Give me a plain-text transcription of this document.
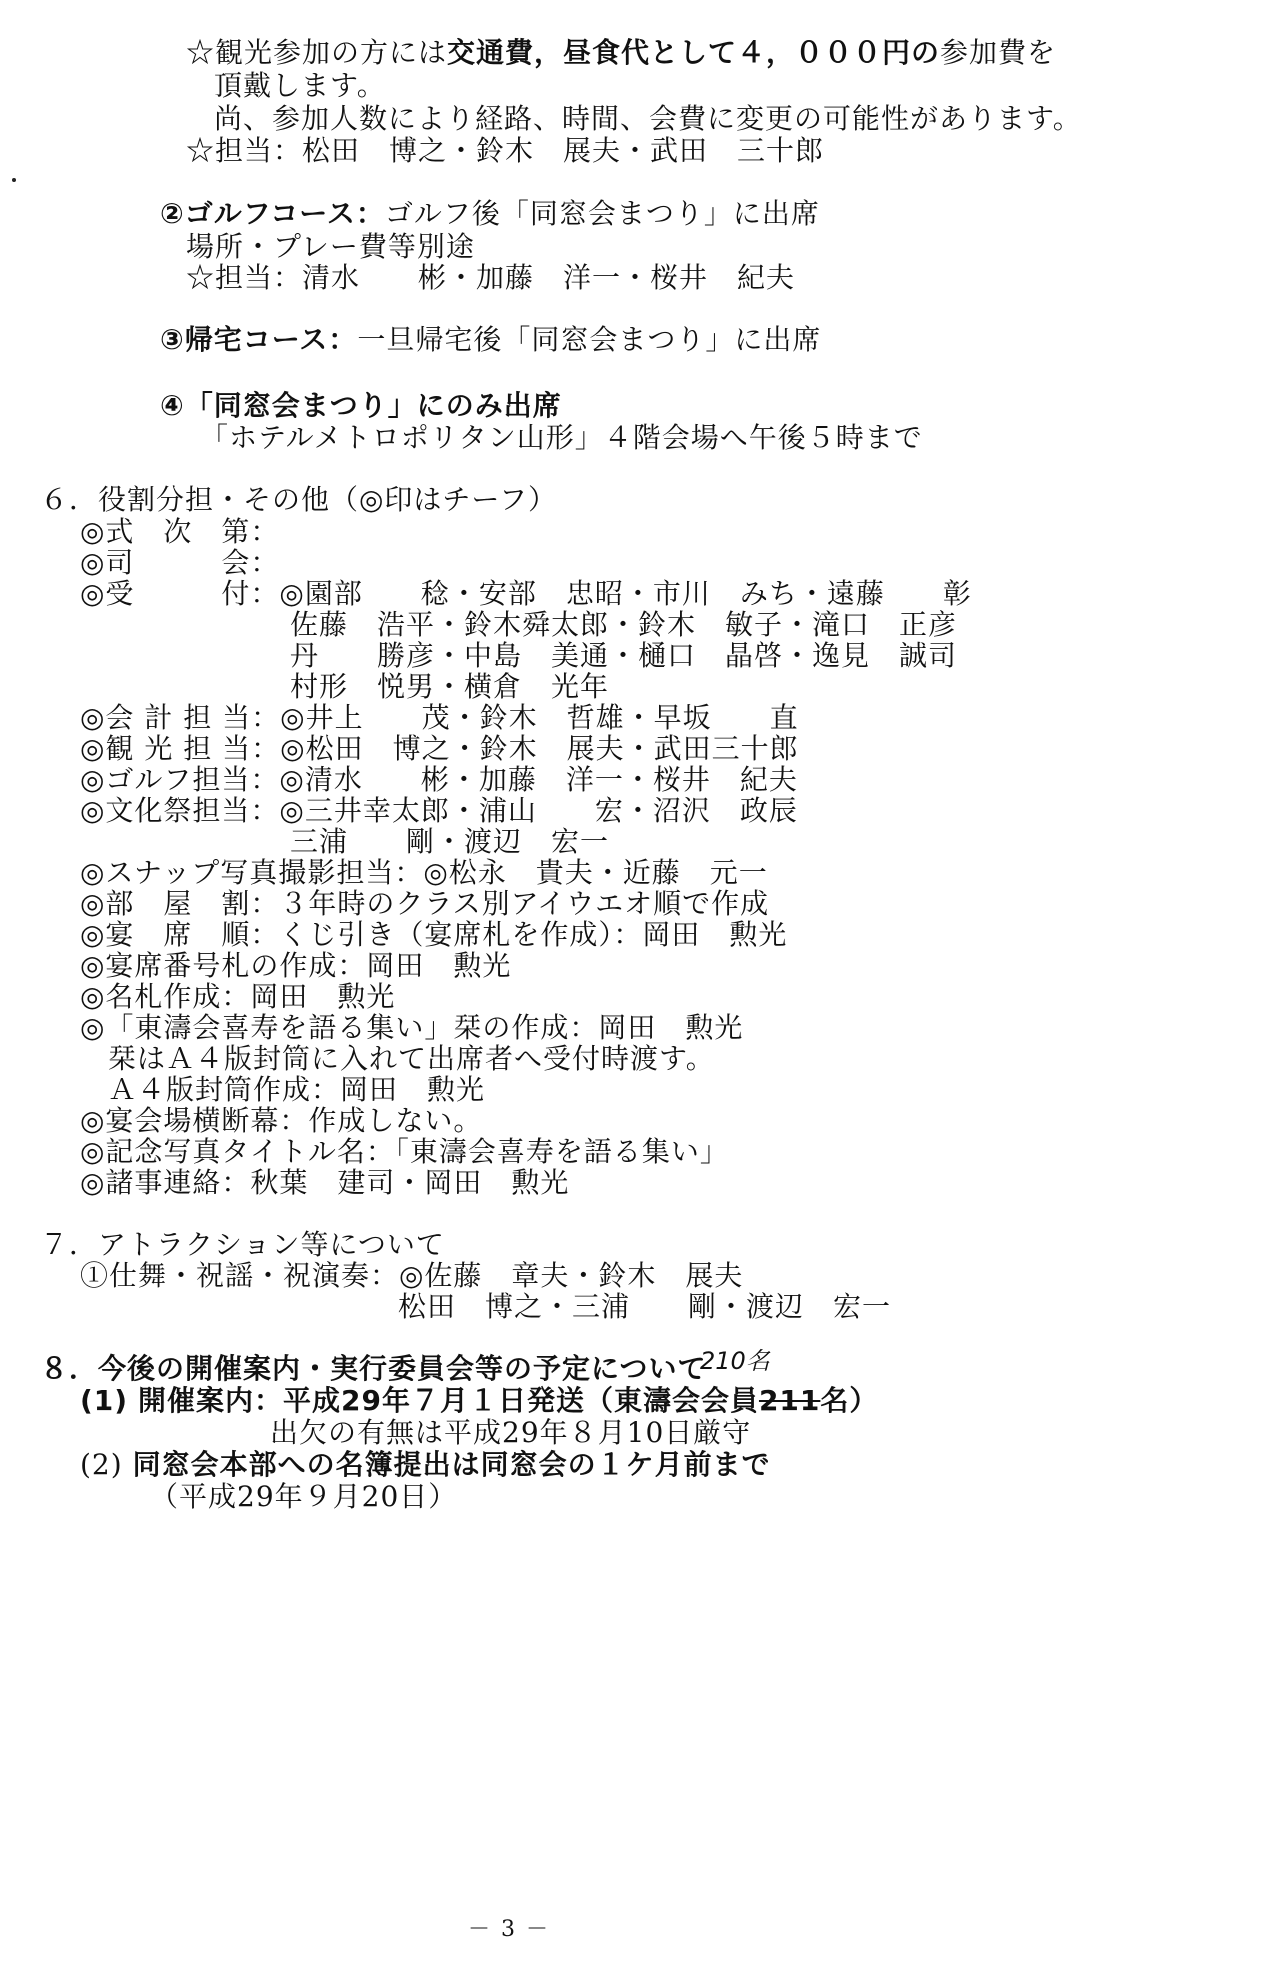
☆観光参加の方には交通費，昼食代として４，０００円の参加費を
頂戴します。
尚、参加人数により経路、時間、会費に変更の可能性があります。
☆担当：松田　博之・鈴木　展夫・武田　三十郎
②ゴルフコース：ゴルフ後「同窓会まつり」に出席
場所・プレー費等別途
☆担当：清水　　彬・加藤　洋一・桜井　紀夫
③帰宅コース：一旦帰宅後「同窓会まつり」に出席
④「同窓会まつり」にのみ出席
「ホテルメトロポリタン山形」４階会場へ午後５時まで
６．役割分担・その他（◎印はチーフ）
◎式　次　第：
◎司　　　会：
◎受　　　付：◎園部　　稔・安部　忠昭・市川　みち・遠藤　　彰
佐藤　浩平・鈴木舜太郎・鈴木　敏子・滝口　正彦
丹　　勝彦・中島　美通・樋口　晶啓・逸見　誠司
村形　悦男・横倉　光年
◎会 計 担 当：◎井上　　茂・鈴木　哲雄・早坂　　直
◎観 光 担 当：◎松田　博之・鈴木　展夫・武田三十郎
◎ゴルフ担当：◎清水　　彬・加藤　洋一・桜井　紀夫
◎文化祭担当：◎三井幸太郎・浦山　　宏・沼沢　政辰
三浦　　剛・渡辺　宏一
◎スナップ写真撮影担当：◎松永　貴夫・近藤　元一
◎部　屋　割：３年時のクラス別アイウエオ順で作成
◎宴　席　順：くじ引き（宴席札を作成）：岡田　勲光
◎宴席番号札の作成：岡田　勲光
◎名札作成：岡田　勲光
◎「東濤会喜寿を語る集い」栞の作成：岡田　勲光
栞はＡ４版封筒に入れて出席者へ受付時渡す。
Ａ４版封筒作成：岡田　勲光
◎宴会場横断幕：作成しない。
◎記念写真タイトル名：「東濤会喜寿を語る集い」
◎諸事連絡：秋葉　建司・岡田　勲光
７．アトラクション等について
①仕舞・祝謡・祝演奏：◎佐藤　章夫・鈴木　展夫
松田　博之・三浦　　剛・渡辺　宏一
８．今後の開催案内・実行委員会等の予定について
210名
(1) 開催案内：平成29年７月１日発送（東濤会会員211名）
出欠の有無は平成29年８月10日厳守
(2) 同窓会本部への名簿提出は同窓会の１ケ月前まで
（平成29年９月20日）
－ 3 －
